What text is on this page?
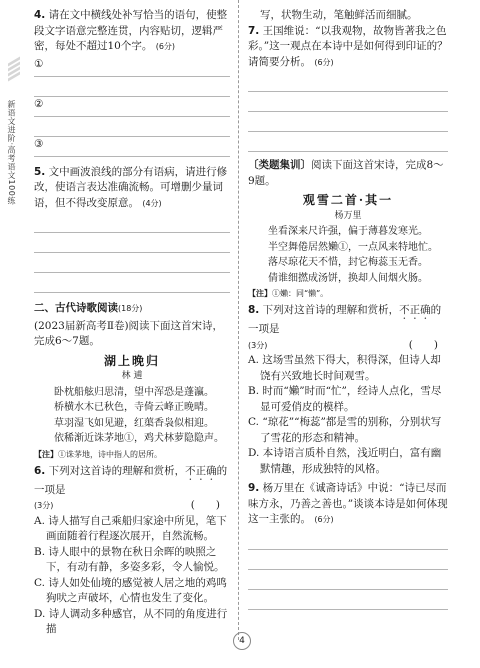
新语文进阶·高考语文100练

4. 请在文中横线处补写恰当的语句，使整段文字语意完整连贯，内容贴切，逻辑严密，每处不超过10个字。 (6分)

①
②
③

5. 文中画波浪线的部分有语病，请进行修改，使语言表达准确流畅。可增删少量词语，但不得改变原意。 (4分)

二、古代诗歌阅读(18分)

(2023届新高考Ⅱ卷)阅读下面这首宋诗，完成6～7题。

湖上晚归

林 逋

卧枕船舷归思清，望中浑恐是蓬瀛。

桥横水木已秋色，寺倚云峰正晚晴。

草羽湿飞如见避，红蕖香袅似相迎。

依稀渐近诛茅地①，鸡犬林萝隐隐声。

【注】①诛茅地，诗中指人的居所。

6. 下列对这首诗的理解和赏析，不正确的一项是
(3分)	(　　)

A. 诗人描写自己乘船归家途中所见，笔下画面随着行程逐次展开，自然流畅。

B. 诗人眼中的景物在秋日余晖的映照之下，有动有静，多姿多彩，令人愉悦。

C. 诗人如处仙境的感觉被人居之地的鸡鸣狗吠之声破坏，心情也发生了变化。

D. 诗人调动多种感官，从不同的角度进行描

写，状物生动，笔触鲜活而细腻。

7. 王国维说：“以我观物，故物皆著我之色彩。”这一观点在本诗中是如何得到印证的？请简要分析。 (6分)

〔类题集训〕阅读下面这首宋诗，完成8～9题。

观雪二首·其一

杨万里

坐看深来尺许强，偏于薄暮发寒光。

半空舞倦居然嬾①，一点风来特地忙。

落尽琼花天不惜，封它梅蕊玉无香。

倩谁细撚成汤饼，换却人间烟火肠。

【注】①嬾：同“懒”。

8. 下列对这首诗的理解和赏析，不正确的一项是
(3分)	(　　)

A. 这场雪虽然下得大，积得深，但诗人却饶有兴致地长时间观雪。

B. 时而“嬾”时而“忙”，经诗人点化，雪尽显可爱俏皮的模样。

C. “琼花”“梅蕊”都是雪的别称，分别状写了雪花的形态和精神。

D. 本诗语言质朴自然，浅近明白，富有幽默情趣，形成独特的风格。

9. 杨万里在《诚斋诗话》中说：“诗已尽而味方永，乃善之善也。”谈谈本诗是如何体现这一主张的。 (6分)

4
